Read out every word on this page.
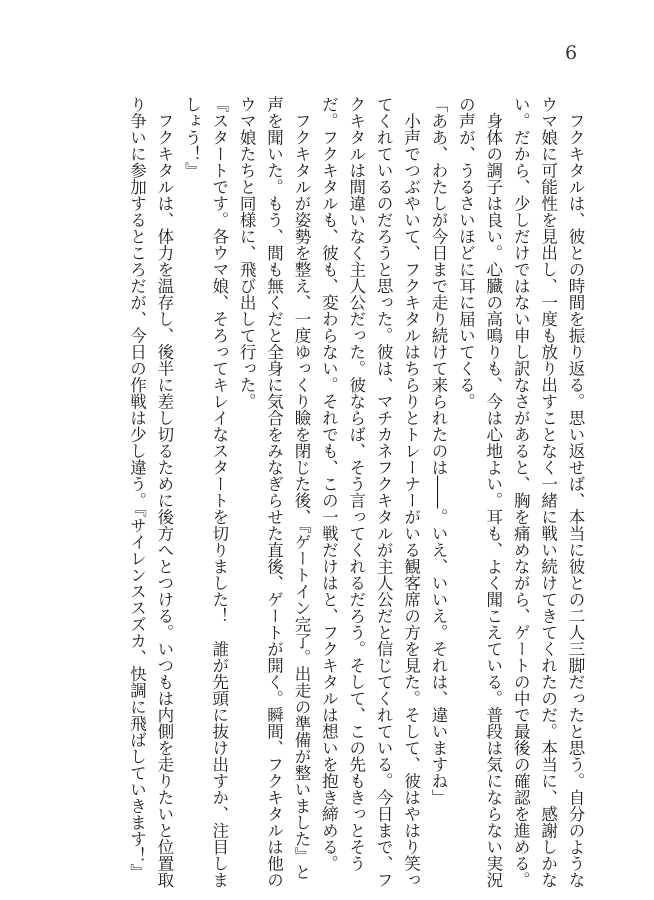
6

　フクキタルは、彼との時間を振り返る。思い返せば、本当に彼との二人三脚だったと思う。自分のような

ウマ娘に可能性を見出し、一度も放り出すことなく一緒に戦い続けてきてくれたのだ。本当に、感謝しかな

い。だから、少しだけではない申し訳なさがあると、胸を痛めながら、ゲートの中で最後の確認を進める。

　身体の調子は良い。心臓の高鳴りも、今は心地よい。耳も、よく聞こえている。普段は気にならない実況

の声が、うるさいほどに耳に届いてくる。

「ああ、わたしが今日まで走り続けて来られたのは――。いえ、いいえ。それは、違いますね」

　小声でつぶやいて、フクキタルはちらりとトレーナーがいる観客席の方を見た。そして、彼はやはり笑っ

てくれているのだろうと思った。彼は、マチカネフクキタルが主人公だと信じてくれている。今日まで、フ

クキタルは間違いなく主人公だった。彼ならば、そう言ってくれるだろう。そして、この先もきっとそう

だ。フクキタルも、彼も、変わらない。それでも、この一戦だけはと、フクキタルは想いを抱き締める。

　フクキタルが姿勢を整え、一度ゆっくり瞼を閉じた後、『ゲートイン完了。出走の準備が整いました』と

声を聞いた。もう、間も無くだと全身に気合をみなぎらせた直後、ゲートが開く。瞬間、フクキタルは他の

ウマ娘たちと同様に、飛び出して行った。

『スタートです。各ウマ娘、そろってキレイなスタートを切りました！　誰が先頭に抜け出すか、注目しま

しょう！』

　フクキタルは、体力を温存し、後半に差し切るために後方へとつける。いつもは内側を走りたいと位置取

り争いに参加するところだが、今日の作戦は少し違う。『サイレンススズカ、快調に飛ばしていきます！』
